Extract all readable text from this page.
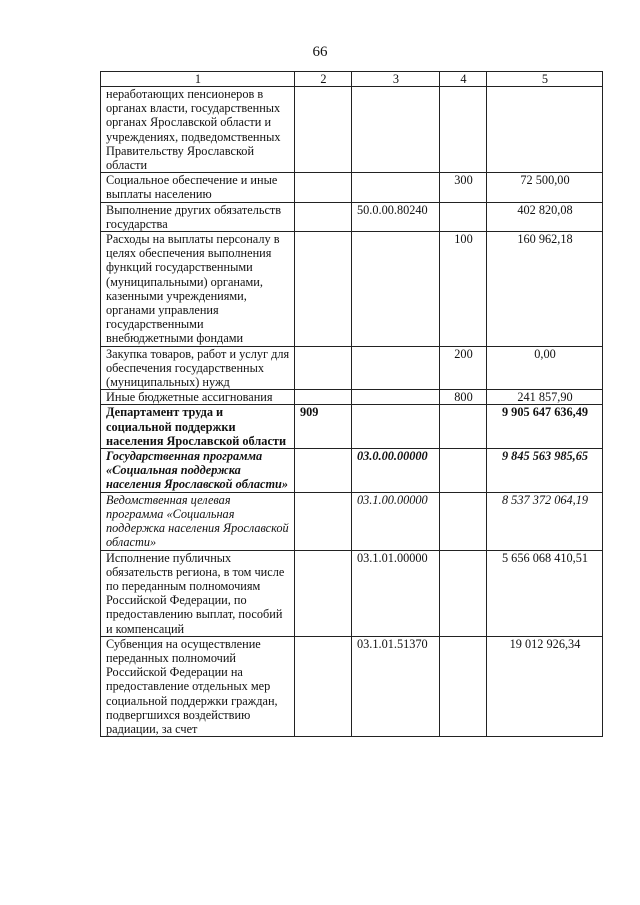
66
1	2	3	4	5
неработающих пенсионеров в органах власти, государственных органах Ярославской области и учреждениях, подведомственных Правительству Ярославской области				
Социальное обеспечение и иные выплаты населению			300	72 500,00
Выполнение других обязательств государства		50.0.00.80240		402 820,08
Расходы на выплаты персоналу в целях обеспечения выполнения функций государственными (муниципальными) органами, казенными учреждениями, органами управления государственными внебюджетными фондами			100	160 962,18
Закупка товаров, работ и услуг для обеспечения государственных (муниципальных) нужд			200	0,00
Иные бюджетные ассигнования			800	241 857,90
Департамент труда и социальной поддержки населения Ярославской области	909			9 905 647 636,49
Государственная программа «Социальная поддержка населения Ярославской области»		03.0.00.00000		9 845 563 985,65
Ведомственная целевая программа «Социальная поддержка населения Ярославской области»		03.1.00.00000		8 537 372 064,19
Исполнение публичных обязательств региона, в том числе по переданным полномочиям Российской Федерации, по предоставлению выплат, пособий и компенсаций		03.1.01.00000		5 656 068 410,51
Субвенция на осуществление переданных полномочий Российской Федерации на предоставление отдельных мер социальной поддержки граждан, подвергшихся воздействию радиации, за счет		03.1.01.51370		19 012 926,34
